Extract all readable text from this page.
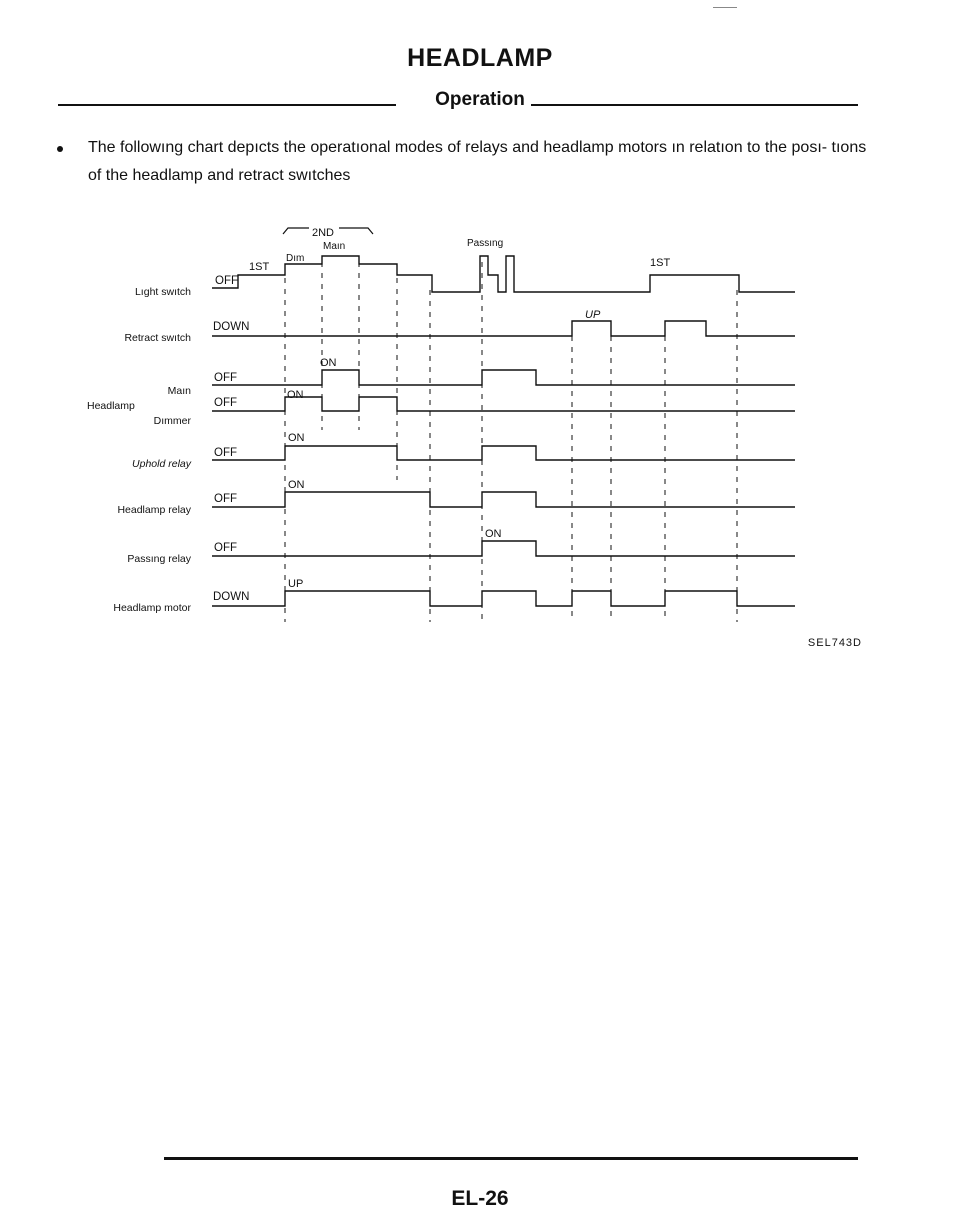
HEADLAMP
Operation
The followıng chart depıcts the operatıonal modes of relays and headlamp motors ın relatıon to the posı- tıons of the headlamp and retract swıtches
Lıght swıtch
Retract swıtch
Maın
Dımmer
Uphold relay
Headlamp relay
Passıng relay
Headlamp motor
Headlamp
OFF
DOWN
OFF
OFF
OFF
OFF
OFF
DOWN
2ND
Maın
Dım
1ST
Passıng
1ST
UP
ON
ON
ON
ON
ON
UP
SEL743D
EL-26
